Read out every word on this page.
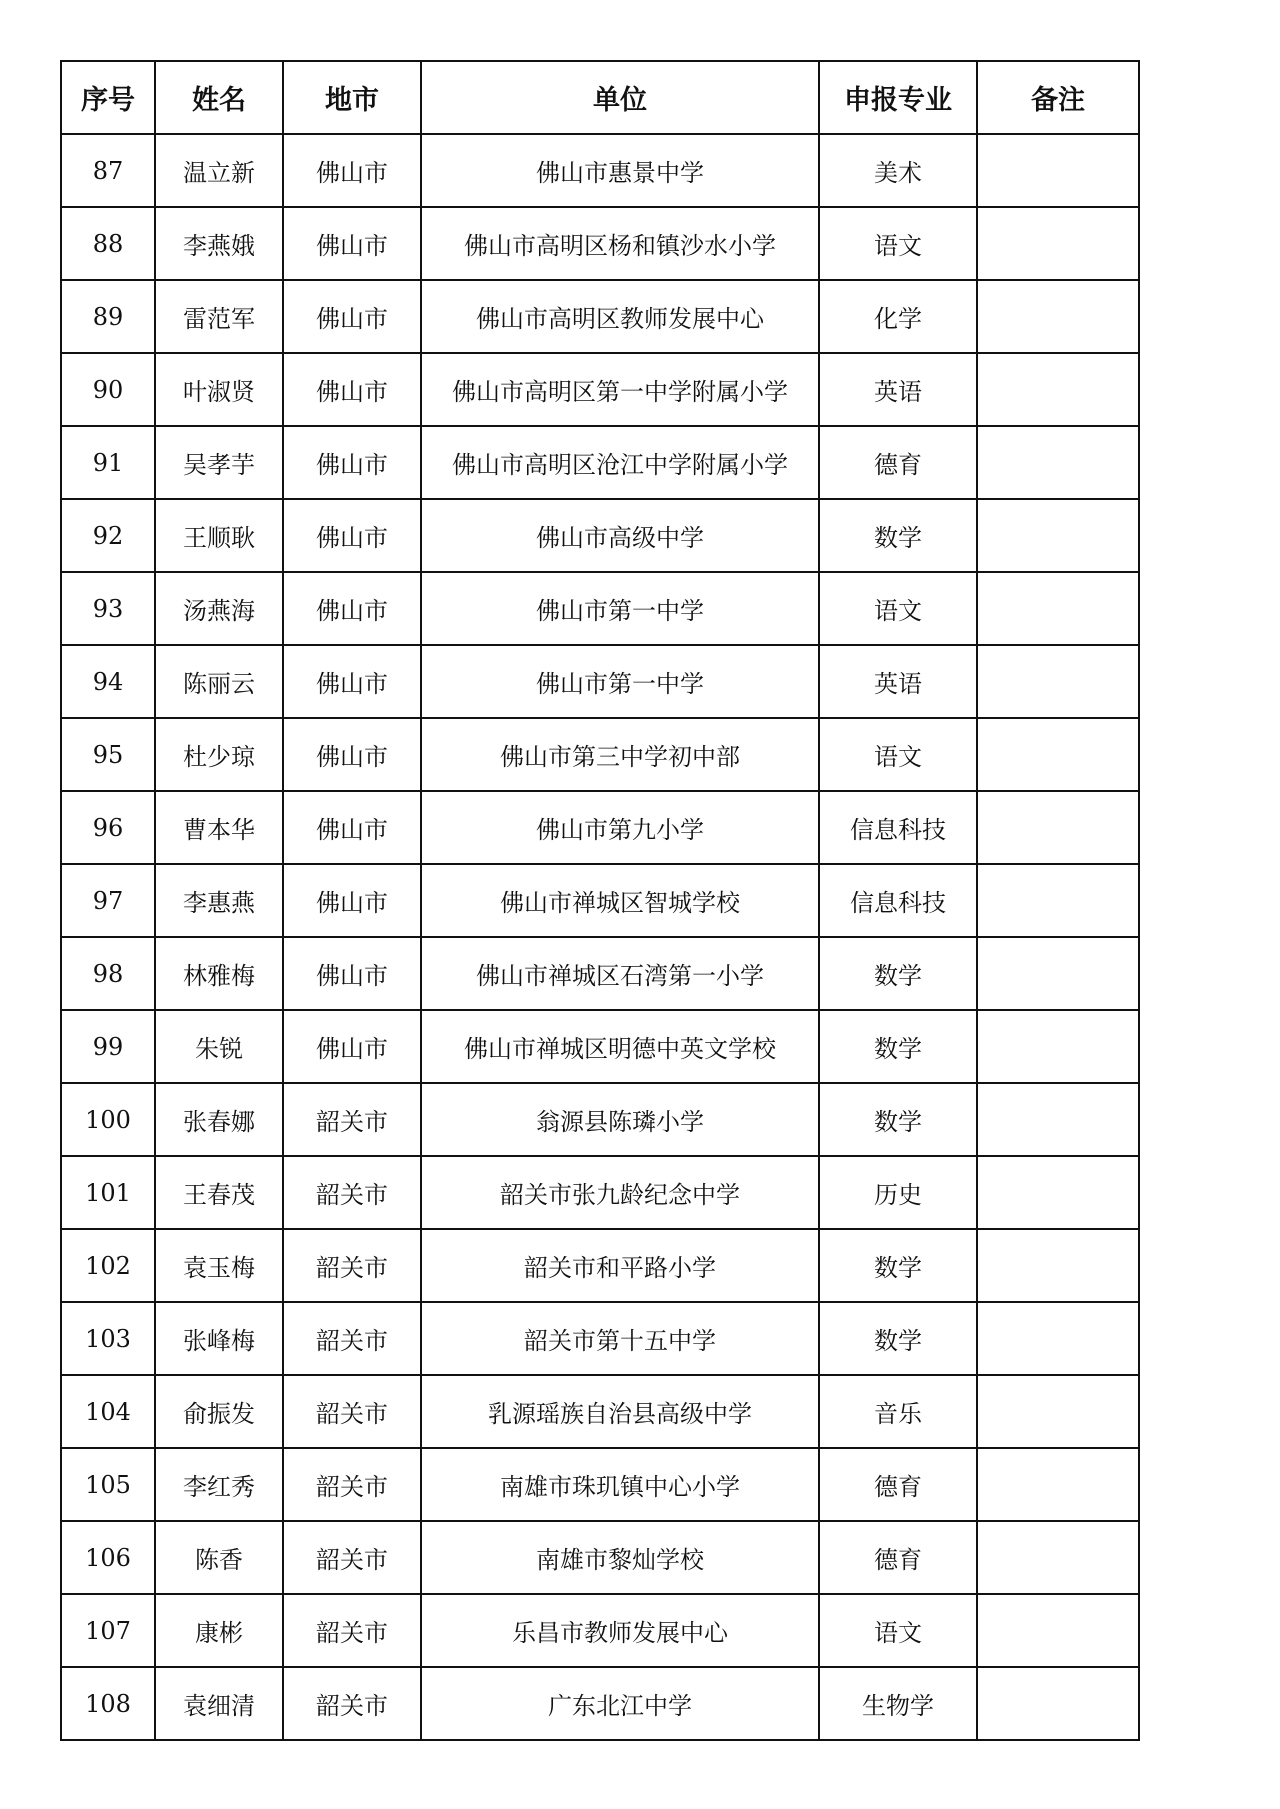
序号	姓名	地市	单位	申报专业	备注
87	温立新	佛山市	佛山市惠景中学	美术	
88	李燕娥	佛山市	佛山市高明区杨和镇沙水小学	语文	
89	雷范军	佛山市	佛山市高明区教师发展中心	化学	
90	叶淑贤	佛山市	佛山市高明区第一中学附属小学	英语	
91	吴孝芋	佛山市	佛山市高明区沧江中学附属小学	德育	
92	王顺耿	佛山市	佛山市高级中学	数学	
93	汤燕海	佛山市	佛山市第一中学	语文	
94	陈丽云	佛山市	佛山市第一中学	英语	
95	杜少琼	佛山市	佛山市第三中学初中部	语文	
96	曹本华	佛山市	佛山市第九小学	信息科技	
97	李惠燕	佛山市	佛山市禅城区智城学校	信息科技	
98	林雅梅	佛山市	佛山市禅城区石湾第一小学	数学	
99	朱锐	佛山市	佛山市禅城区明德中英文学校	数学	
100	张春娜	韶关市	翁源县陈璘小学	数学	
101	王春茂	韶关市	韶关市张九龄纪念中学	历史	
102	袁玉梅	韶关市	韶关市和平路小学	数学	
103	张峰梅	韶关市	韶关市第十五中学	数学	
104	俞振发	韶关市	乳源瑶族自治县高级中学	音乐	
105	李红秀	韶关市	南雄市珠玑镇中心小学	德育	
106	陈香	韶关市	南雄市黎灿学校	德育	
107	康彬	韶关市	乐昌市教师发展中心	语文	
108	袁细清	韶关市	广东北江中学	生物学	
